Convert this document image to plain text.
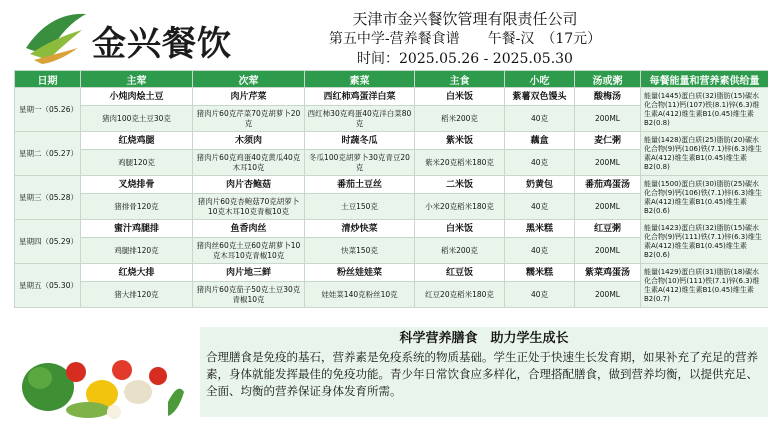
金兴餐饮
天津市金兴餐饮管理有限责任公司
第五中学-营养餐食谱　　午餐-汉　（17元）
时间：2025.05.26 - 2025.05.30
日期	主荤	次荤	素菜	主食	小吃	汤或粥	每餐能量和营养素供给量
星期一（05.26）	小炖肉烩土豆	肉片芹菜	西红柿鸡蛋洋白菜	白米饭	紫薯双色馒头	酸梅汤	能量(1445)蛋白质(32)脂肪(15)碳水化合物(11)钙(107)铁(8.1)锌(6.3)维生素A(412)维生素B1(0.45)维生素B2(0.8)
	猪肉100克土豆30克	猪肉片60克芹菜70克胡萝卜20克	西红柿30克鸡蛋40克洋白菜80克	稻米200克	40克	200ML	
星期二（05.27）	红烧鸡腿	木须肉	时蔬冬瓜	紫米饭	藕盒	麦仁粥	能量(1428)蛋白质(25)脂肪(20)碳水化合物(9)钙(106)铁(7.1)锌(6.3)维生素A(412)维生素B1(0.45)维生素B2(0.8)
	鸡腿120克	猪肉片60克鸡蛋40克黄瓜40克木耳10克	冬瓜100克胡萝卜30克青豆20克	紫米20克稻米180克	40克	200ML	
星期三（05.28）	叉烧排骨	肉片杏鲍菇	番茄土豆丝	二米饭	奶黄包	番茄鸡蛋汤	能量(1500)蛋白质(30)脂肪(25)碳水化合物(9)钙(106)铁(7.1)锌(6.3)维生素A(412)维生素B1(0.45)维生素B2(0.6)
	猪排骨120克	猪肉片60克杏鲍菇70克胡萝卜10克木耳10克青椒10克	土豆150克	小米20克稻米180克	40克	200ML	
星期四（05.29）	蜜汁鸡腿排	鱼香肉丝	清炒快菜	白米饭	黑米糕	红豆粥	能量(1423)蛋白质(32)脂肪(15)碳水化合物(9)钙(111)铁(7.1)锌(6.3)维生素A(412)维生素B1(0.45)维生素B2(0.6)
	鸡腿排120克	猪肉丝60克土豆60克胡萝卜10克木耳10克青椒10克	快菜150克	稻米200克	40克	200ML	
星期五（05.30）	红烧大排	肉片地三鲜	粉丝娃娃菜	红豆饭	糯米糕	紫菜鸡蛋汤	能量(1429)蛋白质(31)脂肪(18)碳水化合物(10)钙(111)铁(7.1)锌(6.3)维生素A(412)维生素B1(0.45)维生素B2(0.7)
	猪大排120克	猪肉片60克茄子50克土豆30克青椒10克	娃娃菜140克粉丝10克	红豆20克稻米180克	40克	200ML	
科学营养膳食　助力学生成长
合理膳食是免疫的基石，营养素是免疫系统的物质基础。学生正处于快速生长发育期，如果补充了充足的营养素，身体就能发挥最佳的免疫功能。青少年日常饮食应多样化，合理搭配膳食，做到营养均衡，以提供充足、全面、均衡的营养保证身体发育所需。
